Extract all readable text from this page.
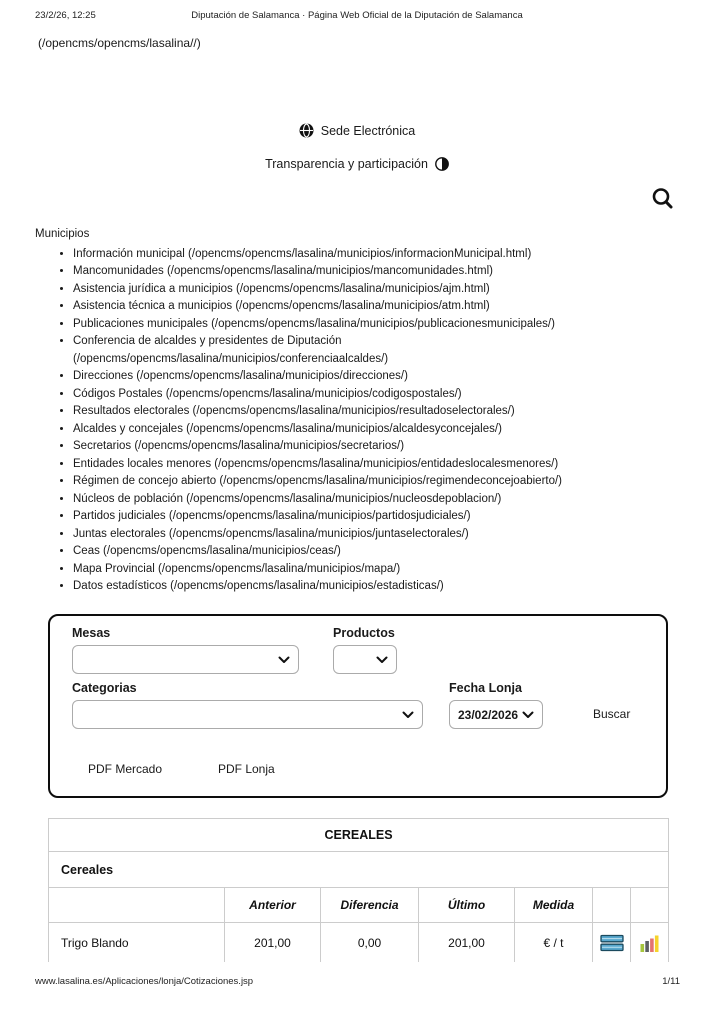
23/2/26, 12:25	Diputación de Salamanca · Página Web Oficial de la Diputación de Salamanca
(/opencms/opencms/lasalina//)
Sede Electrónica
Transparencia y participación
Municipios
• Información municipal (/opencms/opencms/lasalina/municipios/informacionMunicipal.html)
• Mancomunidades (/opencms/opencms/lasalina/municipios/mancomunidades.html)
• Asistencia jurídica a municipios (/opencms/opencms/lasalina/municipios/ajm.html)
• Asistencia técnica a municipios (/opencms/opencms/lasalina/municipios/atm.html)
• Publicaciones municipales (/opencms/opencms/lasalina/municipios/publicacionesmunicipales/)
• Conferencia de alcaldes y presidentes de Diputación (/opencms/opencms/lasalina/municipios/conferenciaalcaldes/)
• Direcciones (/opencms/opencms/lasalina/municipios/direcciones/)
• Códigos Postales (/opencms/opencms/lasalina/municipios/codigospostales/)
• Resultados electorales (/opencms/opencms/lasalina/municipios/resultadoselectorales/)
• Alcaldes y concejales (/opencms/opencms/lasalina/municipios/alcaldesyconcejales/)
• Secretarios (/opencms/opencms/lasalina/municipios/secretarios/)
• Entidades locales menores (/opencms/opencms/lasalina/municipios/entidadeslocalesmenores/)
• Régimen de concejo abierto (/opencms/opencms/lasalina/municipios/regimendeconcejoabierto/)
• Núcleos de población (/opencms/opencms/lasalina/municipios/nucleosdepoblacion/)
• Partidos judiciales (/opencms/opencms/lasalina/municipios/partidosjudiciales/)
• Juntas electorales (/opencms/opencms/lasalina/municipios/juntaselectorales/)
• Ceas (/opencms/opencms/lasalina/municipios/ceas/)
• Mapa Provincial (/opencms/opencms/lasalina/municipios/mapa/)
• Datos estadísticos (/opencms/opencms/lasalina/municipios/estadisticas/)
Mesas	Productos
Categorias	Fecha Lonja
23/02/2026	Buscar
PDF Mercado	PDF Lonja
CEREALES						
Cereales						
	Anterior	Diferencia	Último	Medida		
Trigo Blando	201,00	0,00	201,00	€ / t	

www.lasalina.es/Aplicaciones/lonja/Cotizaciones.jsp	1/11
